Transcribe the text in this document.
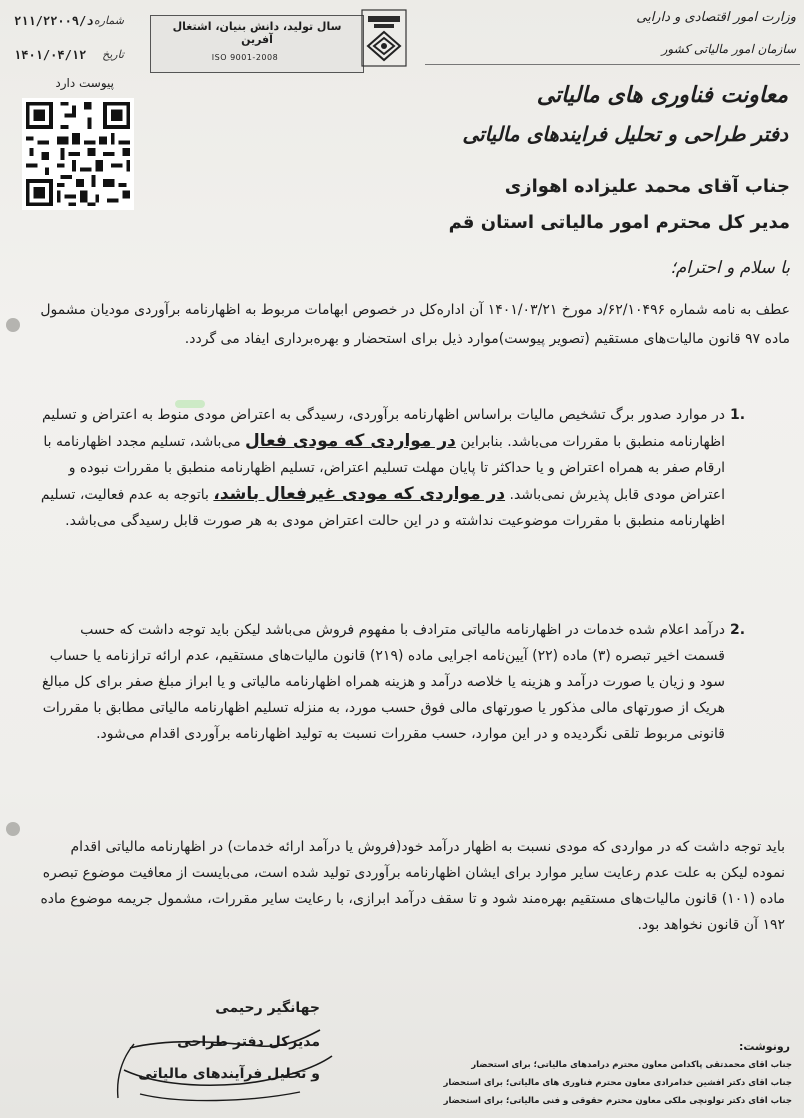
۲۱۱/۲۲۰۰۹/د شماره
۱۴۰۱/۰۴/۱۲	تاریخ
پیوست دارد
سال تولید، دانش بنیان، اشتغال آفرین
ISO 9001-2008
وزارت امور اقتصادی و دارایی
سازمان امور مالیاتی کشور
معاونت فناوری های مالیاتی
دفتر طراحی و تحلیل فرایندهای مالیاتی
جناب آقای محمد علیزاده اهوازی
مدیر کل محترم امور مالیاتی استان قم
با سلام و احترام؛
عطف به نامه شماره ۶۲/۱۰۴۹۶/د مورخ ۱۴۰۱/۰۳/۲۱ آن اداره‌کل در خصوص ابهامات مربوط به اظهارنامه برآوردی مودیان مشمول ماده ۹۷ قانون مالیات‌های مستقیم (تصویر پیوست)موارد ذیل برای استحضار و بهره‌برداری ایفاد می گردد.
1.
در موارد صدور برگ تشخیص مالیات براساس اظهارنامه برآوردی، رسیدگی به اعتراض مودی منوط به اعتراض و تسلیم اظهارنامه منطبق با مقررات می‌باشد. بنابراین در مواردی که مودی فعال می‌باشد، تسلیم مجدد اظهارنامه با ارقام صفر به همراه اعتراض و یا حداکثر تا پایان مهلت تسلیم اعتراض، تسلیم اظهارنامه منطبق با مقررات نبوده و اعتراض مودی قابل پذیرش نمی‌باشد. در مواردی که مودی غیرفعال باشد، باتوجه به عدم فعالیت، تسلیم اظهارنامه منطبق با مقررات موضوعیت نداشته و در این حالت اعتراض مودی به هر صورت قابل رسیدگی می‌باشد.
2.
درآمد اعلام شده خدمات در اظهارنامه مالیاتی مترادف با مفهوم فروش می‌باشد لیکن باید توجه داشت که حسب قسمت اخیر تبصره (۳) ماده (۲۲) آیین‌نامه اجرایی ماده (۲۱۹) قانون مالیات‌های مستقیم، عدم ارائه ترازنامه یا حساب سود و زیان یا صورت درآمد و هزینه یا خلاصه درآمد و هزینه همراه اظهارنامه مالیاتی و یا ابراز مبلغ صفر برای کل مبالغ هریک از صورتهای مالی مذکور یا صورتهای مالی فوق حسب مورد، به منزله تسلیم اظهارنامه مالیاتی مطابق با مقررات قانونی مربوط تلقی نگردیده و در این موارد، حسب مقررات نسبت به تولید اظهارنامه برآوردی اقدام می‌شود.
باید توجه داشت که در مواردی که مودی نسبت به اظهار درآمد خود(فروش یا درآمد ارائه خدمات) در اظهارنامه مالیاتی اقدام نموده لیکن به علت عدم رعایت سایر موارد برای ایشان اظهارنامه برآوردی تولید شده است، می‌بایست از معافیت موضوع تبصره ماده (۱۰۱) قانون مالیات‌های مستقیم بهره‌مند شود و تا سقف درآمد ابرازی، با رعایت سایر مقررات، مشمول جریمه موضوع ماده ۱۹۲ آن قانون نخواهد بود.
جهانگیر رحیمی
مدیرکل دفتر طراحی
و تحلیل فرآیندهای مالیاتی
رونوشت:
جناب آقای محمدتقی پاکدامن معاون محترم درآمدهای مالیاتی؛ برای استحضار
جناب آقای دکتر افشین خدامرادی معاون محترم فناوری های مالیاتی؛ برای استحضار
جناب آقای دکتر تولونچی ملکی معاون محترم حقوقی و فنی مالیاتی؛ برای استحضار
